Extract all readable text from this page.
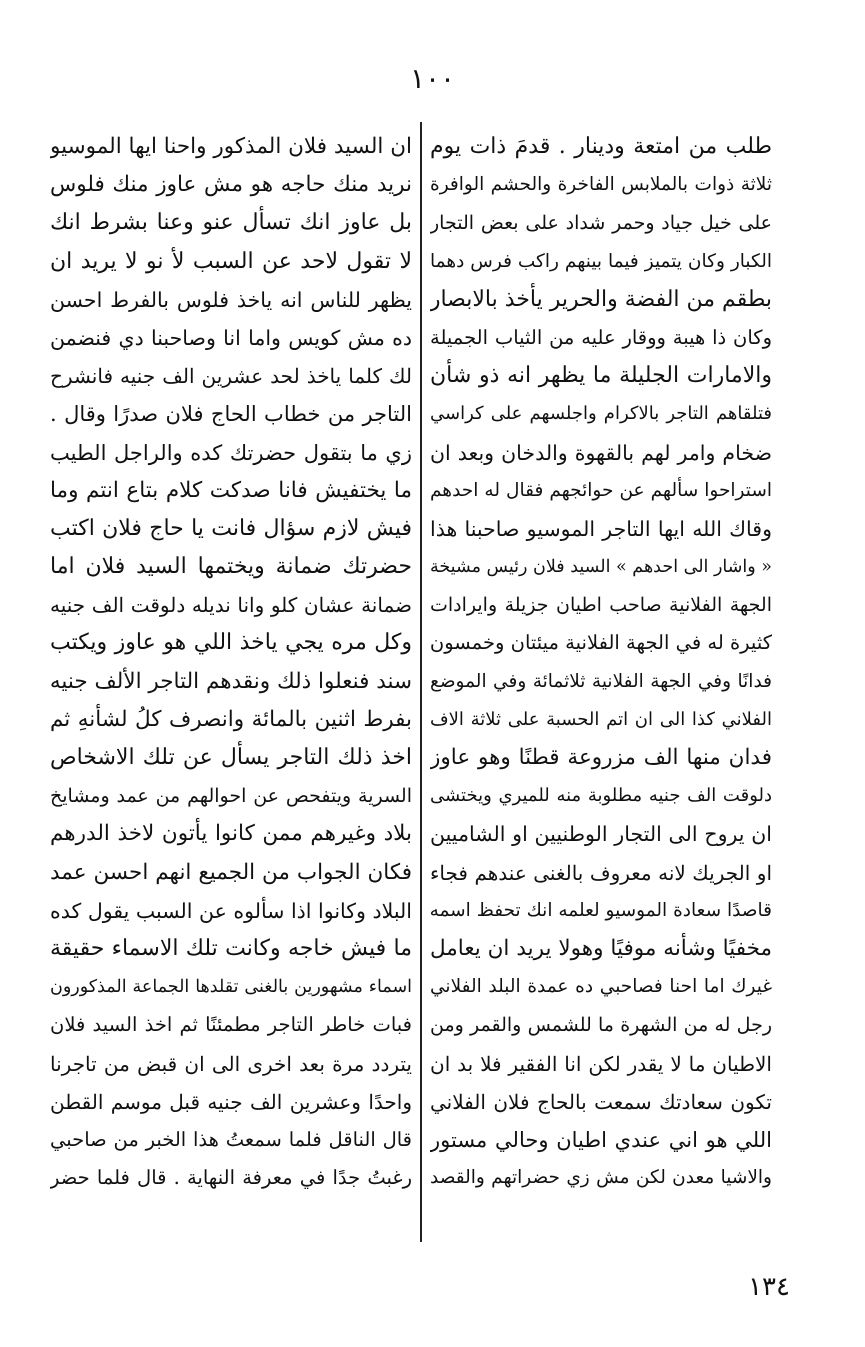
١٠٠
طلب من امتعة ودينار . قدمَ ذات يوم
ثلاثة ذوات بالملابس الفاخرة والحشم الوافرة
على خيل جياد وحمر شداد على بعض التجار
الكبار وكان يتميز فيما بينهم راكب فرس دهما
بطقم من الفضة والحرير يأخذ بالابصار
وكان ذا هيبة ووقار عليه من الثياب الجميلة
والامارات الجليلة ما يظهر انه ذو شأن
فتلقاهم التاجر بالاكرام واجلسهم على كراسي
ضخام وامر لهم بالقهوة والدخان وبعد ان
استراحوا سألهم عن حوائجهم فقال له احدهم
وقاك الله ايها التاجر الموسيو صاحبنا هذا
« واشار الى احدهم » السيد فلان رئيس مشيخة
الجهة الفلانية صاحب اطيان جزيلة وايرادات
كثيرة له في الجهة الفلانية ميئتان وخمسون
فدانًا وفي الجهة الفلانية ثلاثمائة وفي الموضع
الفلاني كذا الى ان اتم الحسبة على ثلاثة الاف
فدان منها الف مزروعة قطنًا وهو عاوز
دلوقت الف جنيه مطلوبة منه للميري ويختشى
ان يروح الى التجار الوطنيين او الشاميين
او الجريك لانه معروف بالغنى عندهم فجاء
قاصدًا سعادة الموسيو لعلمه انك تحفظ اسمه
مخفيًا وشأنه موفيًا وهولا يريد ان يعامل
غيرك اما احنا فصاحبي ده عمدة البلد الفلاني
رجل له من الشهرة ما للشمس والقمر ومن
الاطيان ما لا يقدر لكن انا الفقير فلا بد ان
تكون سعادتك سمعت بالحاج فلان الفلاني
اللي هو اني عندي اطيان وحالي مستور
والاشيا معدن لكن مش زي حضراتهم والقصد
ان السيد فلان المذكور واحنا ايها الموسيو
نريد منك حاجه هو مش عاوز منك فلوس
بل عاوز انك تسأل عنو وعنا بشرط انك
لا تقول لاحد عن السبب لأ نو لا يريد ان
يظهر للناس انه ياخذ فلوس بالفرط احسن
ده مش كويس واما انا وصاحبنا دي فنضمن
لك كلما ياخذ لحد عشرين الف جنيه فانشرح
التاجر من خطاب الحاج فلان صدرًا وقال .
زي ما بتقول حضرتك كده والراجل الطيب
ما يختفيش فانا صدكت كلام بتاع انتم وما
فيش لازم سؤال فانت يا حاج فلان اكتب
حضرتك ضمانة ويختمها السيد فلان اما
ضمانة عشان كلو وانا نديله دلوقت الف جنيه
وكل مره يجي ياخذ اللي هو عاوز ويكتب
سند فنعلوا ذلك ونقدهم التاجر الألف جنيه
بفرط اثنين بالمائة وانصرف كلُ لشأنهِ ثم
اخذ ذلك التاجر يسأل عن تلك الاشخاص
السرية ويتفحص عن احوالهم من عمد ومشايخ
بلاد وغيرهم ممن كانوا يأتون لاخذ الدرهم
فكان الجواب من الجميع انهم احسن عمد
البلاد وكانوا اذا سألوه عن السبب يقول كده
ما فيش خاجه وكانت تلك الاسماء حقيقة
اسماء مشهورين بالغنى تقلدها الجماعة المذكورون
فبات خاطر التاجر مطمئنًا ثم اخذ السيد فلان
يتردد مرة بعد اخرى الى ان قبض من تاجرنا
واحدًا وعشرين الف جنيه قبل موسم القطن
قال الناقل فلما سمعتُ هذا الخبر من صاحبي
رغبتُ جدًا في معرفة النهاية . قال فلما حضر
١٣٤
